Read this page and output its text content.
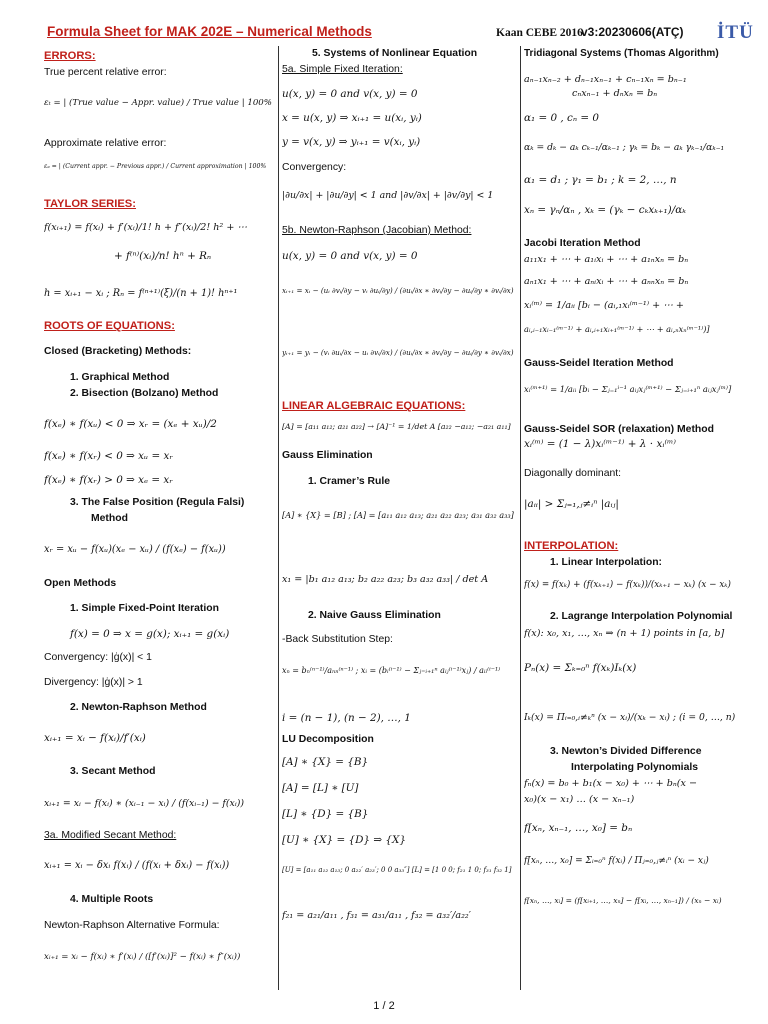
Formula Sheet for MAK 202E – Numerical Methods	Kaan CEBE 2016
v3:20230606(ATÇ) İTÜ
ERRORS:
True percent relative error:
εₜ = | (True value − Appr. value) / True value | 100%
Approximate relative error:
εₐ = | (Current appr. − Previous appr.) / Current approximation | 100%
TAYLOR SERIES:
f(xᵢ₊₁) = f(xᵢ) + f′(xᵢ)/1! h + f″(xᵢ)/2! h² + ⋯
+ f⁽ⁿ⁾(xᵢ)/n! hⁿ + Rₙ
h = xᵢ₊₁ − xᵢ ; Rₙ = f⁽ⁿ⁺¹⁾(ξ)/(n + 1)! hⁿ⁺¹
ROOTS OF EQUATIONS:
Closed (Bracketing) Methods:
1. Graphical Method
2. Bisection (Bolzano) Method
f(xₑ) ∗ f(xᵤ) < 0 ⇒ xᵣ = (xₑ + xᵤ)/2
f(xₑ) ∗ f(xᵣ) < 0 ⇒ xᵤ = xᵣ
f(xₑ) ∗ f(xᵣ) > 0 ⇒ xₑ = xᵣ
3. The False Position (Regula Falsi)
Method
xᵣ = xᵤ − f(xᵤ)(xₑ − xᵤ) / (f(xₑ) − f(xᵤ))
Open Methods
1. Simple Fixed-Point Iteration
f(x) = 0 ⇒ x = g(x); xᵢ₊₁ = g(xᵢ)
Convergency: |ġ(x)| < 1
Divergency: |ġ(x)| > 1
2. Newton-Raphson Method
xᵢ₊₁ = xᵢ − f(xᵢ)/f′(xᵢ)
3. Secant Method
xᵢ₊₁ = xᵢ − f(xᵢ) ∗ (xᵢ₋₁ − xᵢ) / (f(xᵢ₋₁) − f(xᵢ))
3a. Modified Secant Method:
xᵢ₊₁ = xᵢ − δxᵢ f(xᵢ) / (f(xᵢ + δxᵢ) − f(xᵢ))
4. Multiple Roots
Newton-Raphson Alternative Formula:
xᵢ₊₁ = xᵢ − f(xᵢ) ∗ f′(xᵢ) / ([f′(xᵢ)]² − f(xᵢ) ∗ f″(xᵢ))
5. Systems of Nonlinear Equation
5a. Simple Fixed Iteration:
u(x, y) = 0 and v(x, y) = 0
x = u(x, y) ⇒ xᵢ₊₁ = u(xᵢ, yᵢ)
y = v(x, y) ⇒ yᵢ₊₁ = v(xᵢ, yᵢ)
Convergency:
|∂u/∂x| + |∂u/∂y| < 1 and |∂v/∂x| + |∂v/∂y| < 1
5b. Newton-Raphson (Jacobian) Method:
u(x, y) = 0 and v(x, y) = 0
xᵢ₊₁ = xᵢ − (uᵢ ∂vᵢ/∂y − vᵢ ∂uᵢ/∂y) / (∂uᵢ/∂x ∗ ∂vᵢ/∂y − ∂uᵢ/∂y ∗ ∂vᵢ/∂x)
yᵢ₊₁ = yᵢ − (vᵢ ∂uᵢ/∂x − uᵢ ∂vᵢ/∂x) / (∂uᵢ/∂x ∗ ∂vᵢ/∂y − ∂uᵢ/∂y ∗ ∂vᵢ/∂x)
LINEAR ALGEBRAIC EQUATIONS:
[A] = [a₁₁ a₁₂; a₂₁ a₂₂] → [A]⁻¹ = 1/det A [a₂₂ −a₁₂; −a₂₁ a₁₁]
Gauss Elimination
1. Cramer’s Rule
[A] ∗ {X} = [B] ; [A] = [a₁₁ a₁₂ a₁₃; a₂₁ a₂₂ a₂₃; a₃₁ a₃₂ a₃₃]
x₁ = |b₁ a₁₂ a₁₃; b₂ a₂₂ a₂₃; b₃ a₃₂ a₃₃| / det A
2. Naive Gauss Elimination
-Back Substitution Step:
xₙ = bₙ⁽ⁿ⁻¹⁾/aₙₙ⁽ⁿ⁻¹⁾ ; xᵢ = (bᵢ⁽ⁱ⁻¹⁾ − Σⱼ₌ᵢ₊₁ⁿ aᵢⱼ⁽ⁱ⁻¹⁾xⱼ) / aᵢᵢ⁽ⁱ⁻¹⁾
i = (n − 1), (n − 2), …, 1
LU Decomposition
[A] ∗ {X} = {B}
[A] = [L] ∗ [U]
[L] ∗ {D} = {B}
[U] ∗ {X} = {D} ⇒ {X}
[U] = [a₁₁ a₁₂ a₁₃; 0 a₂₂′ a₂₃′; 0 0 a₃₃″] [L] = [1 0 0; f₂₁ 1 0; f₃₁ f₃₂ 1]
f₂₁ = a₂₁/a₁₁ , f₃₁ = a₃₁/a₁₁ , f₃₂ = a₃₂′/a₂₂′
Tridiagonal Systems (Thomas Algorithm)
aₙ₋₁xₙ₋₂ + dₙ₋₁xₙ₋₁ + cₙ₋₁xₙ = bₙ₋₁
cₙxₙ₋₁ + dₙxₙ = bₙ
α₁ = 0 , cₙ = 0
αₖ = dₖ − aₖ cₖ₋₁/αₖ₋₁ ; γₖ = bₖ − aₖ γₖ₋₁/αₖ₋₁
α₁ = d₁ ; γ₁ = b₁ ; k = 2, …, n
xₙ = γₙ/αₙ , xₖ = (γₖ − cₖxₖ₊₁)/αₖ
Jacobi Iteration Method
a₁₁x₁ + ⋯ + a₁ᵢxᵢ + ⋯ + a₁ₙxₙ = bₙ
aₙ₁x₁ + ⋯ + aₙᵢxᵢ + ⋯ + aₙₙxₙ = bₙ
xᵢ⁽ᵐ⁾ = 1/aᵢᵢ [bᵢ − (aᵢ,₁xᵢ⁽ᵐ⁻¹⁾ + ⋯ +
aᵢ,ᵢ₋₁xᵢ₋₁⁽ᵐ⁻¹⁾ + aᵢ,ᵢ₊₁xᵢ₊₁⁽ᵐ⁻¹⁾ + ⋯ + aᵢ,ₙxₙ⁽ᵐ⁻¹⁾)]
Gauss-Seidel Iteration Method
xᵢ⁽ᵐ⁺¹⁾ = 1/aᵢᵢ [bᵢ − Σⱼ₌₁ⁱ⁻¹ aᵢⱼxⱼ⁽ᵐ⁺¹⁾ − Σⱼ₌ᵢ₊₁ⁿ aᵢⱼxⱼ⁽ᵐ⁾]
Gauss-Seidel SOR (relaxation) Method
xᵢ⁽ᵐ⁾ = (1 − λ)xᵢ⁽ᵐ⁻¹⁾ + λ ⋅ xᵢ⁽ᵐ⁾
Diagonally dominant:
|aᵢᵢ| > Σⱼ₌₁,ⱼ≠ᵢⁿ |aᵢⱼ|
INTERPOLATION:
1. Linear Interpolation:
f(x) = f(xₖ) + (f(xₖ₊₁) − f(xₖ))/(xₖ₊₁ − xₖ) (x − xₖ)
2. Lagrange Interpolation Polynomial
f(x): x₀, x₁, …, xₙ ⇒ (n + 1) points in [a, b]
Pₙ(x) = Σₖ₌₀ⁿ f(xₖ)Iₖ(x)
Iₖ(x) = Πᵢ₌₀,ᵢ≠ₖⁿ (x − xᵢ)/(xₖ − xᵢ) ; (i = 0, …, n)
3. Newton’s Divided Difference
Interpolating Polynomials
fₙ(x) = b₀ + b₁(x − x₀) + ⋯ + bₙ(x −
x₀)(x − x₁) … (x − xₙ₋₁)
f[xₙ, xₙ₋₁, …, x₀] = bₙ
f[xₙ, …, x₀] = Σᵢ₌₀ⁿ f(xᵢ) / Πⱼ₌₀,ⱼ≠ᵢⁿ (xᵢ − xⱼ)
f[xₙ, …, xᵢ] = (f[xᵢ₊₁, …, xₙ] − f[xᵢ, …, xₙ₋₁]) / (xₙ − xᵢ)
1 / 2
